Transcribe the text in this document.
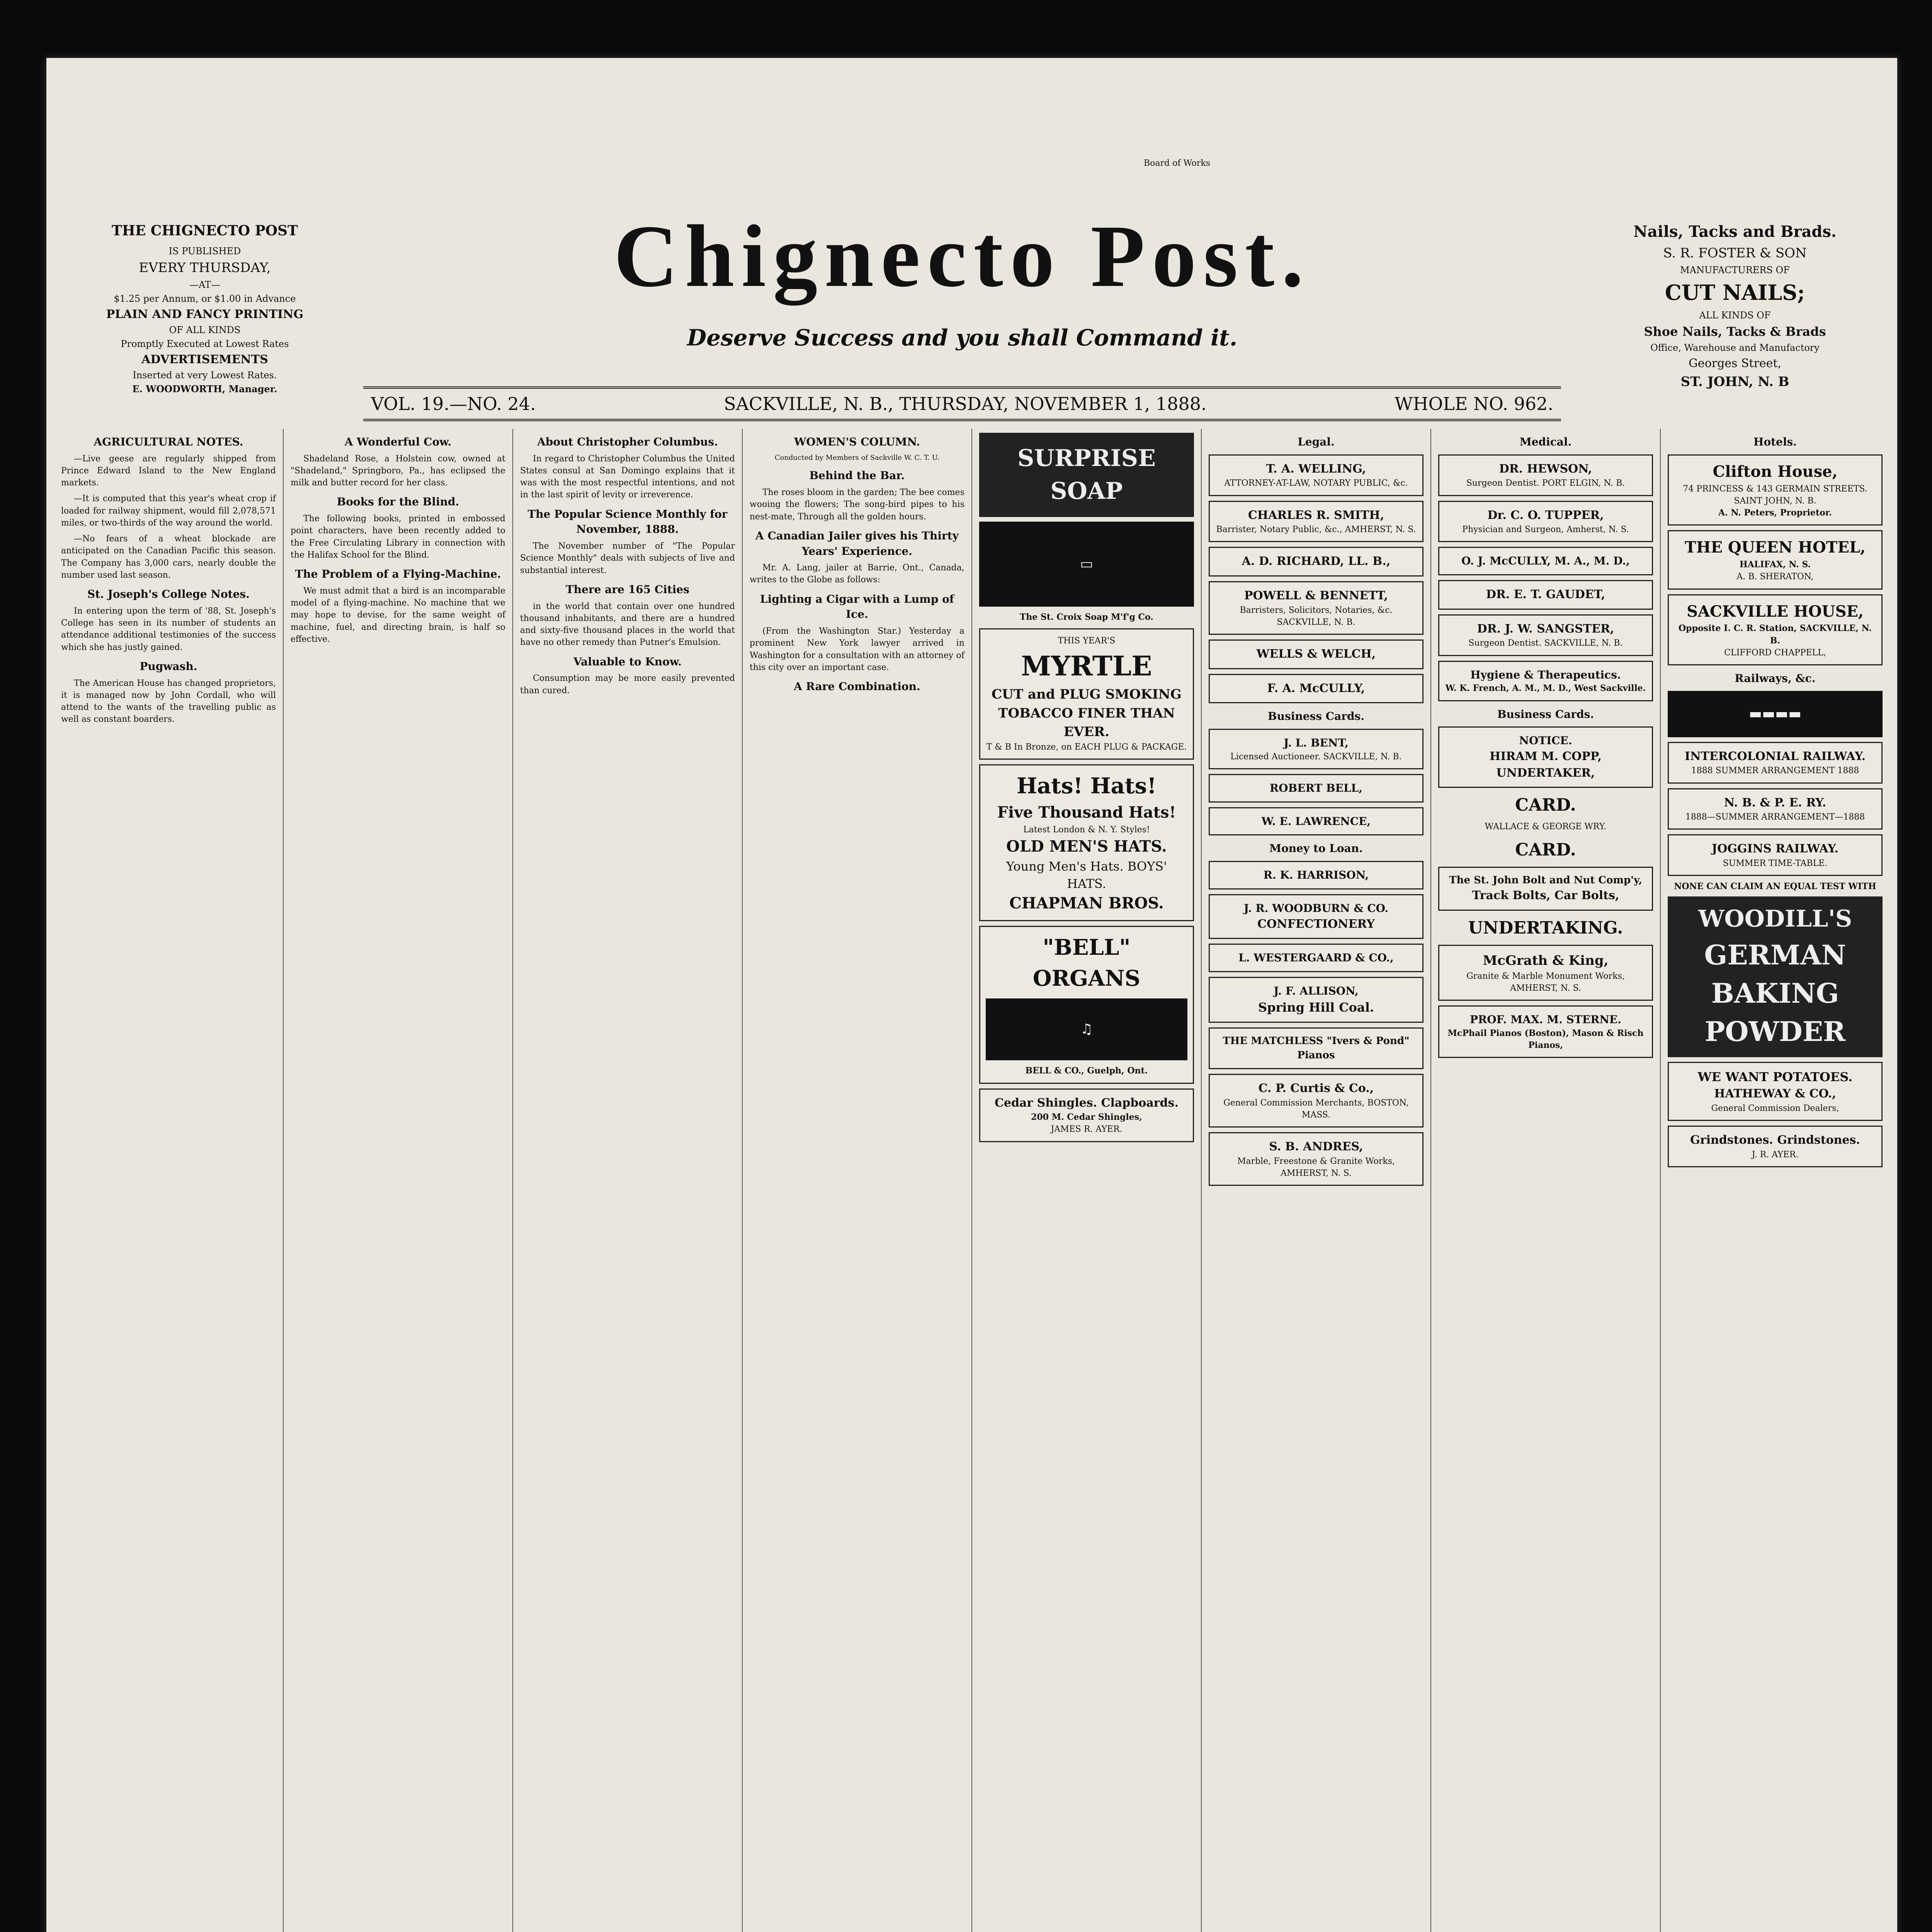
Board of Works
Chignecto Post.
Deserve Success and you shall Command it.
VOL. 19.—NO. 24.	SACKVILLE, N. B., THURSDAY, NOVEMBER 1, 1888.	WHOLE NO. 962.
THE CHIGNECTO POST
IS PUBLISHED
EVERY THURSDAY,
—AT—
$1.25 per Annum, or $1.00 in Advance
PLAIN AND FANCY PRINTING
OF ALL KINDS
Promptly Executed at Lowest Rates
ADVERTISEMENTS
Inserted at very Lowest Rates.
E. WOODWORTH, Manager.
Nails, Tacks and Brads.
S. R. FOSTER & SON
MANUFACTURERS OF
CUT NAILS;
ALL KINDS OF
Shoe Nails, Tacks & Brads
Office, Warehouse and Manufactory
Georges Street,
ST. JOHN, N. B
AGRICULTURAL NOTES.

—Live geese are regularly shipped from Prince Edward Island to the New England markets.

—It is computed that this year's wheat crop if loaded for railway shipment, would fill 2,078,571 miles, or two-thirds of the way around the world.

—No fears of a wheat blockade are anticipated on the Canadian Pacific this season. The Company has 3,000 cars, nearly double the number used last season.

St. Joseph's College Notes.

In entering upon the term of '88, St. Joseph's College has seen in its number of students an attendance additional testimonies of the success which she has justly gained.

Pugwash.

The American House has changed proprietors, it is managed now by John Cordall, who will attend to the wants of the travelling public as well as constant boarders.

A Wonderful Cow.

Shadeland Rose, a Holstein cow, owned at "Shadeland," Springboro, Pa., has eclipsed the milk and butter record for her class.

Books for the Blind.

The following books, printed in embossed point characters, have been recently added to the Free Circulating Library in connection with the Halifax School for the Blind.

The Problem of a Flying-Machine.

We must admit that a bird is an incomparable model of a flying-machine. No machine that we may hope to devise, for the same weight of machine, fuel, and directing brain, is half so effective.

About Christopher Columbus.

In regard to Christopher Columbus the United States consul at San Domingo explains that it was with the most respectful intentions, and not in the last spirit of levity or irreverence.

The Popular Science Monthly for November, 1888.

The November number of "The Popular Science Monthly" deals with subjects of live and substantial interest.

There are 165 Cities

in the world that contain over one hundred thousand inhabitants, and there are a hundred and sixty-five thousand places in the world that have no other remedy than Putner's Emulsion.

Valuable to Know.

Consumption may be more easily prevented than cured.

WOMEN'S COLUMN.
Conducted by Members of Sackville W. C. T. U.
Behind the Bar.

The roses bloom in the garden; The bee comes wooing the flowers; The song-bird pipes to his nest-mate, Through all the golden hours.

A Canadian Jailer gives his Thirty Years' Experience.

Mr. A. Lang, jailer at Barrie, Ont., Canada, writes to the Globe as follows:

Lighting a Cigar with a Lump of Ice.

(From the Washington Star.) Yesterday a prominent New York lawyer arrived in Washington for a consultation with an attorney of this city over an important case.

A Rare Combination.
SURPRISE SOAP
▭
The St. Croix Soap M'f'g Co.
THIS YEAR'S
MYRTLE
CUT and PLUG SMOKING TOBACCO FINER THAN EVER.
T & B In Bronze, on EACH PLUG & PACKAGE.
Hats! Hats!
Five Thousand Hats!
Latest London & N. Y. Styles!
OLD MEN'S HATS.
Young Men's Hats. BOYS' HATS.
CHAPMAN BROS.
"BELL" ORGANS
♫
BELL & CO., Guelph, Ont.
Cedar Shingles. Clapboards.
200 M. Cedar Shingles,
JAMES R. AYER.
Legal.
T. A. WELLING,
ATTORNEY-AT-LAW, NOTARY PUBLIC, &c.
CHARLES R. SMITH,
Barrister, Notary Public, &c., AMHERST, N. S.
A. D. RICHARD, LL. B.,
POWELL & BENNETT,
Barristers, Solicitors, Notaries, &c. SACKVILLE, N. B.
WELLS & WELCH,
F. A. McCULLY,
Business Cards.
J. L. BENT,
Licensed Auctioneer. SACKVILLE, N. B.
ROBERT BELL,
W. E. LAWRENCE,
Money to Loan.
R. K. HARRISON,
J. R. WOODBURN & CO.
CONFECTIONERY
L. WESTERGAARD & CO.,
J. F. ALLISON,
Spring Hill Coal.
THE MATCHLESS "Ivers & Pond" Pianos
C. P. Curtis & Co.,
General Commission Merchants, BOSTON, MASS.
S. B. ANDRES,
Marble, Freestone & Granite Works, AMHERST, N. S.
Medical.
DR. HEWSON,
Surgeon Dentist. PORT ELGIN, N. B.
Dr. C. O. TUPPER,
Physician and Surgeon, Amherst, N. S.
O. J. McCULLY, M. A., M. D.,
DR. E. T. GAUDET,
DR. J. W. SANGSTER,
Surgeon Dentist. SACKVILLE, N. B.
Hygiene & Therapeutics.
W. K. French, A. M., M. D., West Sackville.
Business Cards.
NOTICE.
HIRAM M. COPP, UNDERTAKER,
CARD.
WALLACE & GEORGE WRY.
CARD.
The St. John Bolt and Nut Comp'y,
Track Bolts, Car Bolts,
UNDERTAKING.
McGrath & King,
Granite & Marble Monument Works, AMHERST, N. S.
PROF. MAX. M. STERNE.
McPhail Pianos (Boston), Mason & Risch Pianos,
Hotels.
Clifton House,
74 PRINCESS & 143 GERMAIN STREETS. SAINT JOHN, N. B.
A. N. Peters, Proprietor.
THE QUEEN HOTEL,
HALIFAX, N. S.
A. B. SHERATON,
SACKVILLE HOUSE,
Opposite I. C. R. Station, SACKVILLE, N. B.
CLIFFORD CHAPPELL,
Railways, &c.
▬▬▬▬
INTERCOLONIAL RAILWAY.
1888 SUMMER ARRANGEMENT 1888
N. B. & P. E. RY.
1888—SUMMER ARRANGEMENT—1888
JOGGINS RAILWAY.
SUMMER TIME-TABLE.
NONE CAN CLAIM AN EQUAL TEST WITH
WOODILL'S
GERMAN
BAKING
POWDER
WE WANT POTATOES.
HATHEWAY & CO.,
General Commission Dealers,
Grindstones. Grindstones.
J. R. AYER.
